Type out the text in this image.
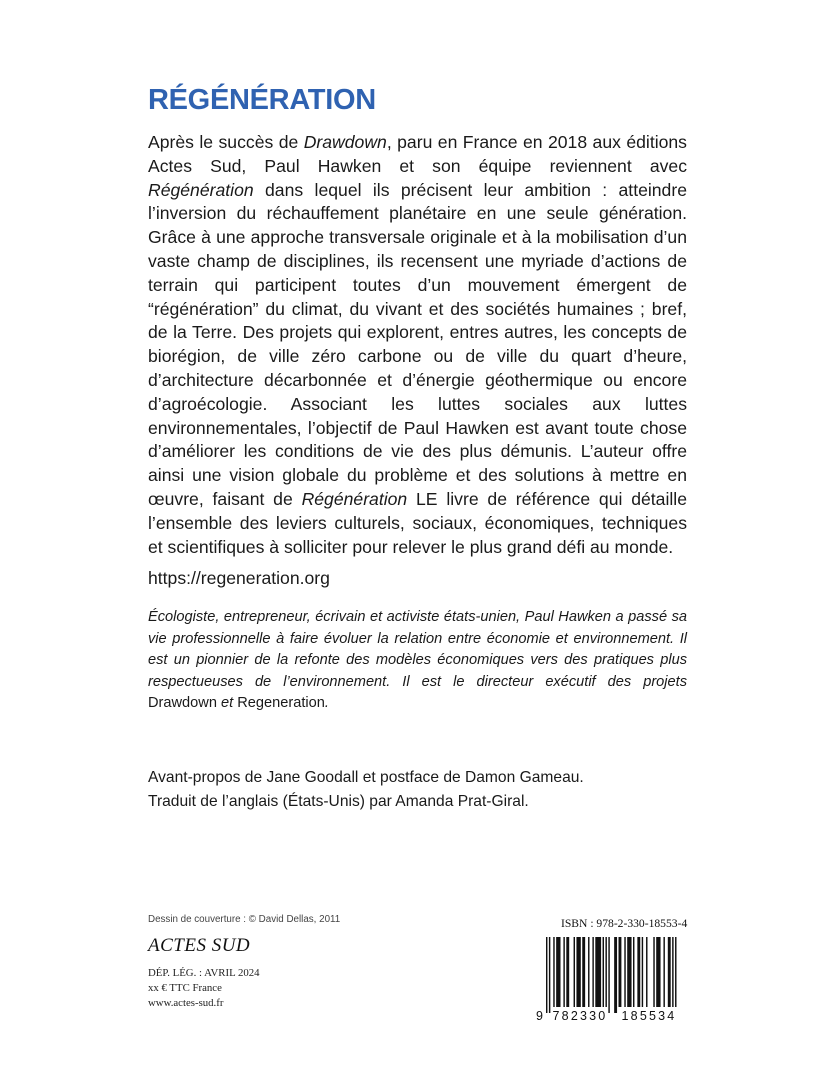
RÉGÉNÉRATION

Après le succès de Drawdown, paru en France en 2018 aux éditions Actes Sud, Paul Hawken et son équipe reviennent avec Régénération dans lequel ils précisent leur ambition : atteindre l’inversion du réchauffement planétaire en une seule génération. Grâce à une approche transversale originale et à la mobilisation d’un vaste champ de disciplines, ils recensent une myriade d’actions de terrain qui participent toutes d’un mouvement émergent de “régénération” du climat, du vivant et des sociétés humaines ; bref, de la Terre. Des projets qui explorent, entres autres, les concepts de biorégion, de ville zéro carbone ou de ville du quart d’heure, d’architecture décarbonnée et d’énergie géothermique ou encore d’agroécologie. Associant les luttes sociales aux luttes environnementales, l’objectif de Paul Hawken est avant toute chose d’améliorer les conditions de vie des plus démunis. L’auteur offre ainsi une vision globale du problème et des solutions à mettre en œuvre, faisant de Régénération LE livre de référence qui détaille l’ensemble des leviers culturels, sociaux, économiques, techniques et scientifiques à solliciter pour relever le plus grand défi au monde.

https://regeneration.org

Écologiste, entrepreneur, écrivain et activiste états-unien, Paul Hawken a passé sa vie professionnelle à faire évoluer la relation entre économie et environnement. Il est un pionnier de la refonte des modèles économiques vers des pratiques plus respectueuses de l’environnement. Il est le directeur exécutif des projets Drawdown et Regeneration.

Avant-propos de Jane Goodall et postface de Damon Gameau.
Traduit de l’anglais (États-Unis) par Amanda Prat-Giral.
Dessin de couverture : © David Dellas, 2011
ACTES SUD
DÉP. LÉG. : AVRIL 2024
xx € TTC France
www.actes-sud.fr
ISBN : 978-2-330-18553-4
9 782330 185534
